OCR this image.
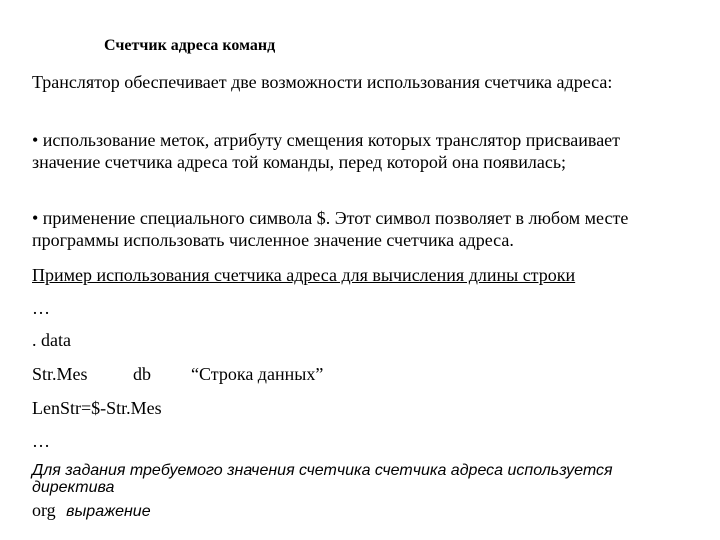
Счетчик адреса команд

Транслятор обеспечивает две возможности использования счетчика адреса:

• использование меток, атрибуту смещения которых транслятор присваивает значение счетчика адреса той команды, перед которой она появилась;

• применение специального символа $. Этот символ позволяет в любом месте программы использовать численное значение счетчика адреса.

Пример использования счетчика адреса для вычисления длины строки
…
. data
Str.Mes	db “Строка данных”
LenStr=$-Str.Mes
…

Для задания требуемого значения счетчика счетчика адреса используется директива

org выражение
